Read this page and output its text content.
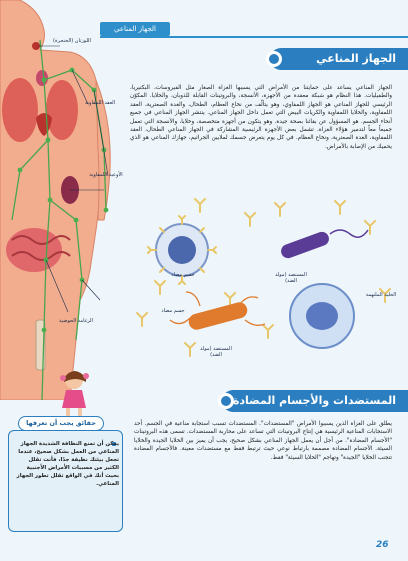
اللوزتان (الحنجرة)
العقد اللمفاوية
الأوعية اللمفاوية
الرغامة الحوضية
الجهاز المناعي
الجهاز المناعي
الجهاز المناعي يساعد على حمايتنا من الأمراض التي يسببها الغزاة الصغار مثل الفيروسات، البكتيريا، والطفيليات. هذا النظام هو شبكة معقدة من الأجهزة، الأنسجة، والبروتينات القابلة للذوبان، والخلايا. المكوّن الرئيسي للجهاز المناعي هو الجهاز اللمفاوي، وهو يتألّف من نخاع العظام، الطحال، والغدة الصعترية، العقد اللمفاوية، والخلايا اللمفاوية والكريات البيض التي تعمل داخل الجهاز المناعي. ينتشر الجهاز المناعي في جميع أنحاء الجسم. هو المسؤول عن بقائنا بصحة جيدة. وهو يتكون من أجهزة متخصصة، وخلايا، والأنسجة التي تعمل جميعاً معاً لتدمير هؤلاء الغزاة. تشمل بعض الأجهزة الرئيسية المشاركة في الجهاز المناعي الطحال، العقد اللمفاوية، الغدة الصعترية، ونخاع العظام. في كل يوم يتعرض جسمك لملايين الجراثيم، جهازك المناعي هو الذي يحميك من الإصابة بالأمراض.
جسم مضاد	المستضد (مولد الضد)
الخلية الملتهمة
جسم مضاد
المستضد (مولد الضد)
المستضدات والأجسام المضادة
يطلق على الغزاة الذين يسببوا الأمراض "المستضدات". المستضدات تسبب استجابة مناعية في الجسم. أحد الاستجابات المناعية الرئيسية هي إنتاج البروتينات التي تساعد على محاربة المستضدات. تسمى هذه البروتينات "الأجسام المضادة". من أجل أن يعمل الجهاز المناعي بشكل صحيح، يجب أن يميز بين الخلايا الجيدة والخلايا السيئة. الأجسام المضادة مصممة بارتباط نوعي حيث ترتبط فقط مع مستضدات معينة. فالأجسام المضادة تتجنب الخلايا "الجيدة" وتهاجم "الخلايا السيئة" فقط.
حقائق يجب أن تعرفها
يمكن أن تمنع النظافة الشديدة الجهاز المناعي من العمل بشكل صحيح، عندما تجعل بيئتك نظيفة جدًا، فأنت تقلل الكثير من مسببات الأمراض الأجنبية بحيث أنك في الواقع تقلل تطور الجهاز المناعي.
26
